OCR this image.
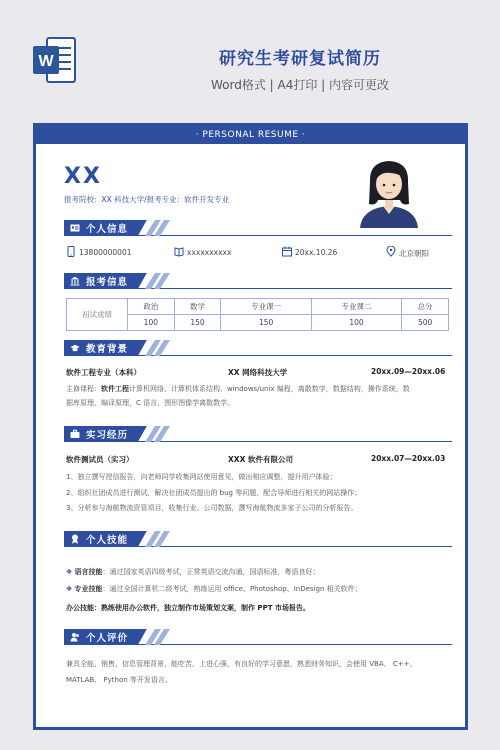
W	研究生考研复试简历
Word格式 | A4打印 | 内容可更改
· PERSONAL RESUME ·
XX
报考院校：XX 科技大学/报考专业：软件开发专业
个人信息
13800000001	xxxxxxxxxx	20xx.10.26	北京朝阳
报考信息
初试成绩	政治	数学	专业课一	专业课二	总分
	100	150	150	100	500
教育背景
软件工程专业（本科）	XX 网络科技大学	20xx.09—20xx.06
主修课程：软件工程计算机网络、计算机体系结构、windows/unix 编程，离散数学，数据结构，操作系统，数
据库原理，编译原理，C 语言，图形图像学离散数学。
实习经历
软件测试员（实习）	XXX 软件有限公司	20xx.07—20xx.03
1、独立撰写授信报告，向老师同学收集网站使用意见，做出相应调整，提升用户体验；
2、组织社团成员进行测试，解决社团成员提出的 bug 等问题，配合导师进行相关的网站操作；
3、分析参与海航物流资管项目，收集行业、公司数据，撰写海航物流多家子公司的分析报告。
个人技能
❖ 语言技能：通过国家英语四级考试，正常英语交流沟通，国语标准，粤语良好；
❖ 专业技能：通过全国计算机二级考试，熟练运用 office、Photoshop、InDesign 相关软件；
办公技能：熟练使用办公软件，独立制作市场策划文案，制作 PPT 市场报告。
个人评价
兼具全能、销售、信息管理背景，能吃苦，上进心强，有良好的学习意愿，熟悉财务知识，会使用 VBA、 C++、
MATLAB、 Python 等开发语言。
